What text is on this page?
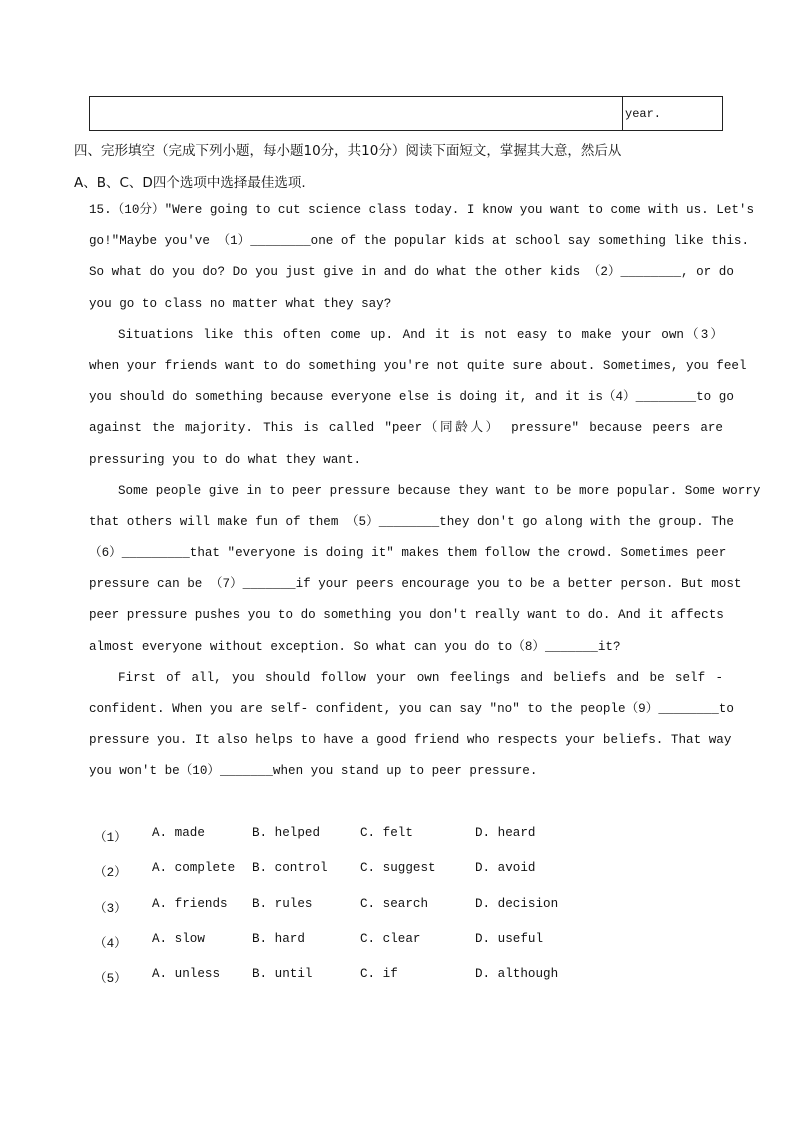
year.
四、完形填空（完成下列小题，每小题10分，共10分）阅读下面短文，掌握其大意，然后从
A、B、C、D四个选项中选择最佳选项.
15.（10分）"Were going to cut science class today. I know you want to come with us. Let's
go!"Maybe you've （1）________one of the popular kids at school say something like this.
So what do you do? Do you just give in and do what the other kids （2）________, or do
you go to class no matter what they say?
Situations like this often come up. And it is not easy to make your own（3）
when your friends want to do something you're not quite sure about. Sometimes, you feel
you should do something because everyone else is doing it, and it is（4）________to go
against the majority. This is called "peer（同龄人） pressure" because peers are
pressuring you to do what they want.
Some people give in to peer pressure because they want to be more popular. Some worry
that others will make fun of them （5）________they don't go along with the group. The
（6）_________that "everyone is doing it" makes them follow the crowd. Sometimes peer
pressure can be （7）_______if your peers encourage you to be a better person. But most
peer pressure pushes you to do something you don't really want to do. And it affects
almost everyone without exception. So what can you do to（8）_______it?
First of all, you should follow your own feelings and beliefs and be self -
confident. When you are self- confident, you can say "no" to the people（9）________to
pressure you. It also helps to have a good friend who respects your beliefs. That way
you won't be（10）_______when you stand up to peer pressure.
（1）	A. made	B. helped	C. felt	D. heard
（2）	A. complete	B. control	C. suggest	D. avoid
（3）	A. friends	B. rules	C. search	D. decision
（4）	A. slow	B. hard	C. clear	D. useful
（5）	A. unless	B. until	C. if	D. although
